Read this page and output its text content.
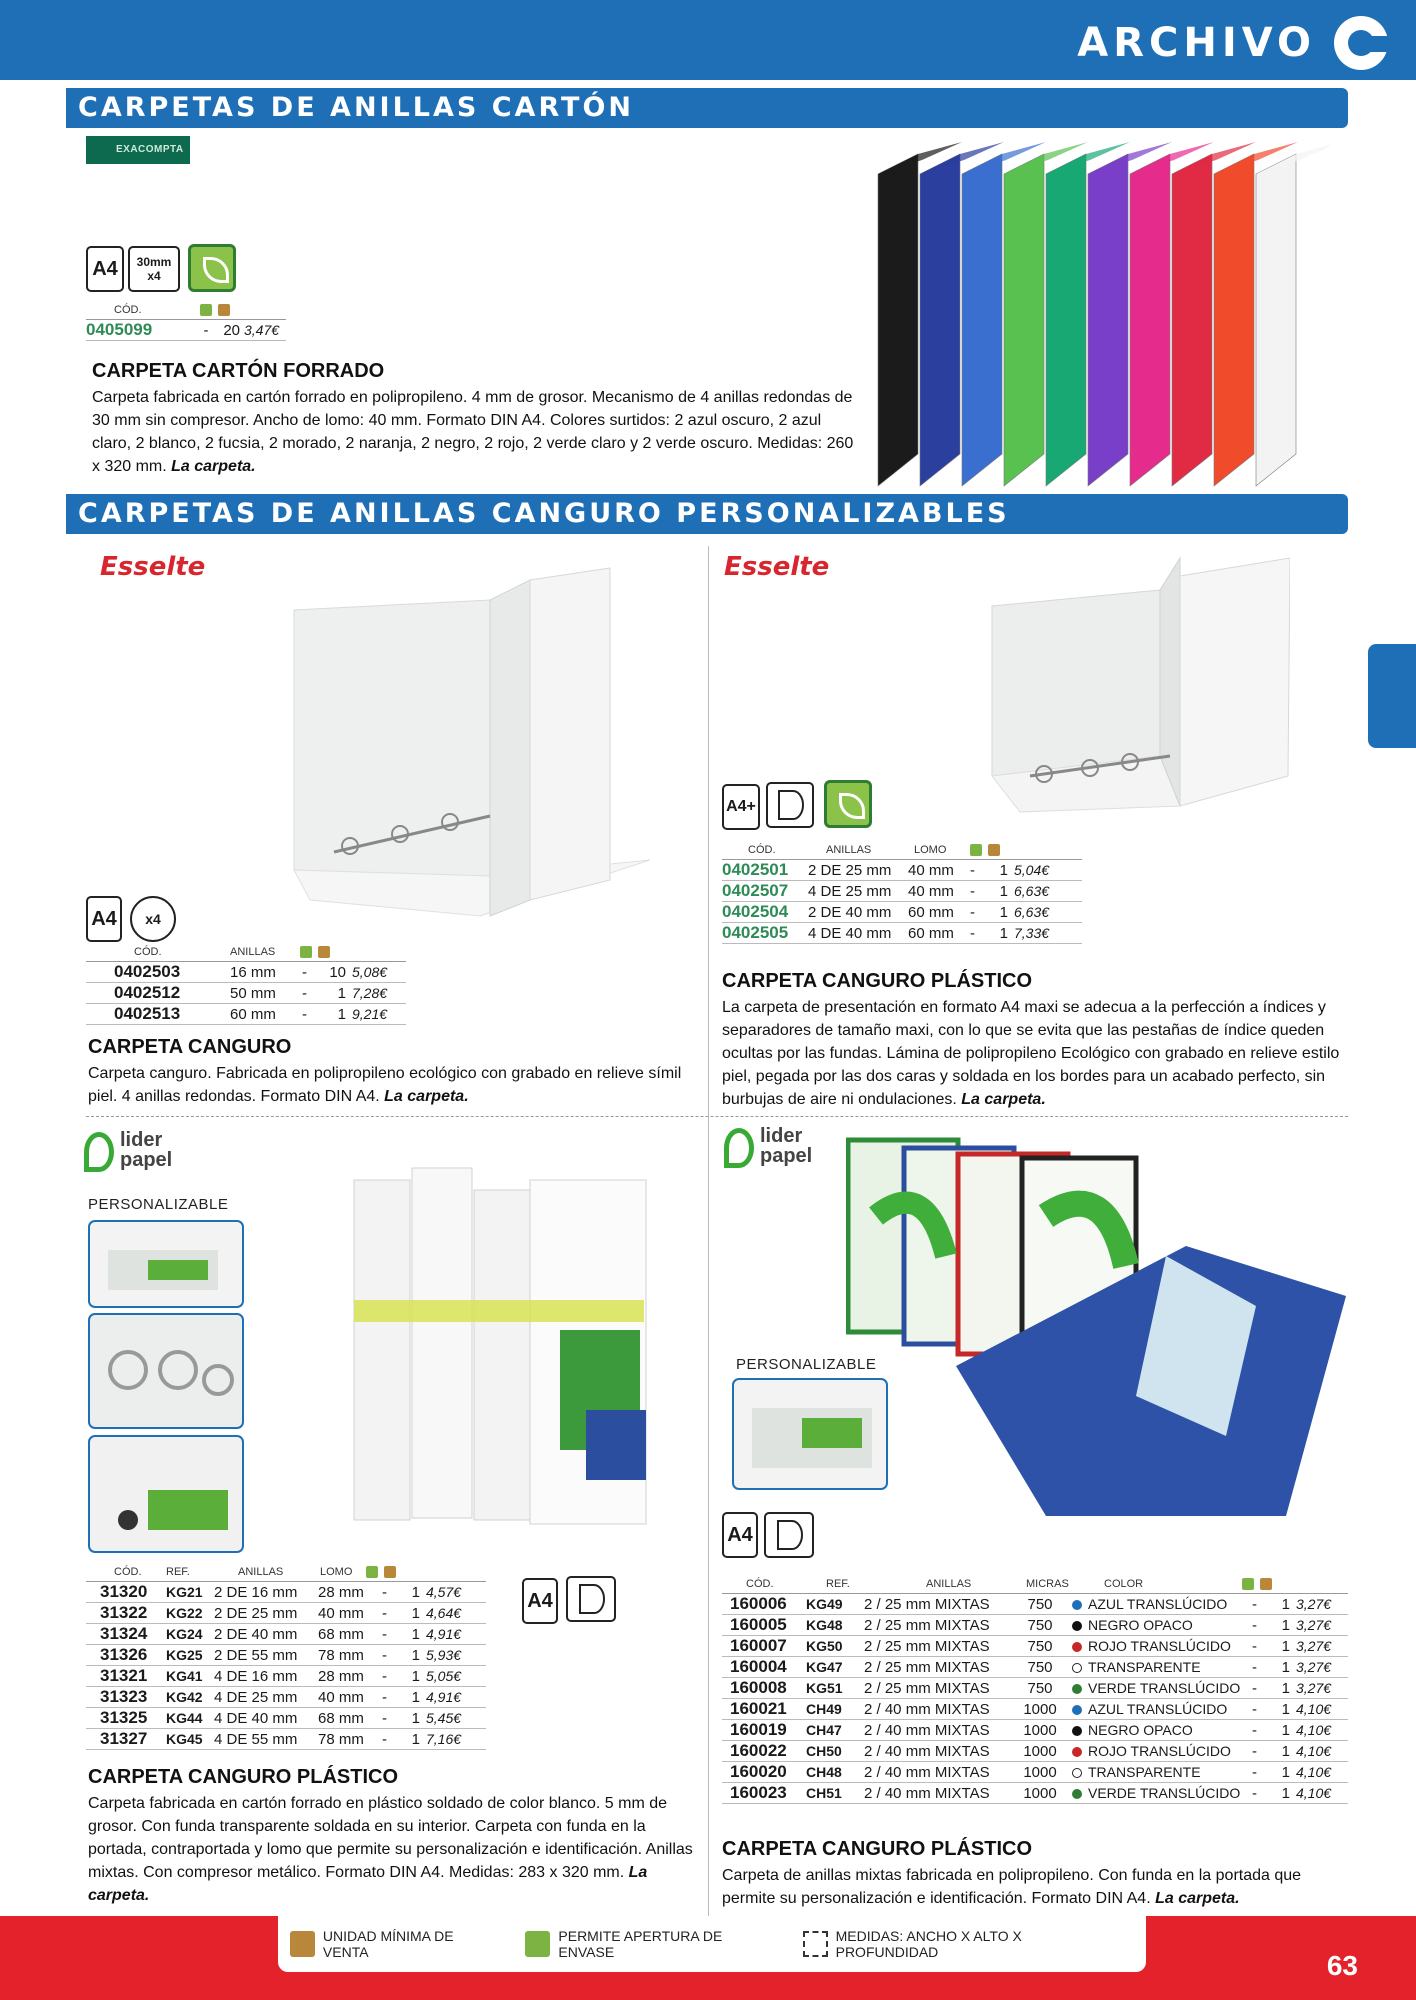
ARCHIVO
CARPETAS DE ANILLAS CARTÓN
EXACOMPTA
A4	30mm
x4
CÓD.
0405099	- 20 3,47€
CARPETA CARTÓN FORRADO
Carpeta fabricada en cartón forrado en polipropileno. 4 mm de grosor. Mecanismo de 4 anillas redondas de 30 mm sin compresor. Ancho de lomo: 40 mm. Formato DIN A4. Colores surtidos: 2 azul oscuro, 2 azul claro, 2 blanco, 2 fucsia, 2 morado, 2 naranja, 2 negro, 2 rojo, 2 verde claro y 2 verde oscuro. Medidas: 260 x 320 mm. La carpeta.
CARPETAS DE ANILLAS CANGURO PERSONALIZABLES
Esselte
A4	x4
CÓD.	ANILLAS
0402503	16 mm	-	10 5,08€
0402512	50 mm	-	1 7,28€
0402513	60 mm	-	1 9,21€
CARPETA CANGURO
Carpeta canguro. Fabricada en polipropileno ecológico con grabado en relieve símil piel. 4 anillas redondas. Formato DIN A4. La carpeta.
Esselte
A4+
CÓD.	ANILLAS	LOMO
0402501	2 DE 25 mm	40 mm	-	1 5,04€
0402507	4 DE 25 mm	40 mm	-	1 6,63€
0402504	2 DE 40 mm	60 mm	-	1 6,63€
0402505	4 DE 40 mm	60 mm	-	1 7,33€
CARPETA CANGURO PLÁSTICO
La carpeta de presentación en formato A4 maxi se adecua a la perfección a índices y separadores de tamaño maxi, con lo que se evita que las pestañas de índice queden ocultas por las fundas. Lámina de polipropileno Ecológico con grabado en relieve estilo piel, pegada por las dos caras y soldada en los bordes para un acabado perfecto, sin burbujas de aire ni ondulaciones. La carpeta.
lider papel
PERSONALIZABLE
CÓD.	REF.	ANILLAS	LOMO
31320	KG21 2 DE 16 mm	28 mm	-	1 4,57€
31322	KG22 2 DE 25 mm	40 mm	-	1 4,64€
31324	KG24 2 DE 40 mm	68 mm	-	1 4,91€
31326	KG25 2 DE 55 mm	78 mm	-	1 5,93€
31321	KG41 4 DE 16 mm	28 mm	-	1 5,05€
31323	KG42 4 DE 25 mm	40 mm	-	1 4,91€
31325	KG44 4 DE 40 mm	68 mm	-	1 5,45€
31327	KG45 4 DE 55 mm	78 mm	-	1 7,16€
A4
CARPETA CANGURO PLÁSTICO
Carpeta fabricada en cartón forrado en plástico soldado de color blanco. 5 mm de grosor. Con funda transparente soldada en su interior. Carpeta con funda en la portada, contraportada y lomo que permite su personalización e identificación. Anillas mixtas. Con compresor metálico. Formato DIN A4. Medidas: 283 x 320 mm. La carpeta.
lider papel
PERSONALIZABLE
A4
CÓD.	REF.	ANILLAS	MICRAS	COLOR
160006	KG49	2 / 25 mm MIXTAS	750	AZUL TRANSLÚCIDO	-	1 3,27€
160005	KG48	2 / 25 mm MIXTAS	750	NEGRO OPACO	-	1 3,27€
160007	KG50	2 / 25 mm MIXTAS	750	ROJO TRANSLÚCIDO	-	1 3,27€
160004	KG47	2 / 25 mm MIXTAS	750	TRANSPARENTE	-	1 3,27€
160008	KG51	2 / 25 mm MIXTAS	750	VERDE TRANSLÚCIDO -	1 3,27€
160021	CH49	2 / 40 mm MIXTAS	1000	AZUL TRANSLÚCIDO	-	1 4,10€
160019	CH47	2 / 40 mm MIXTAS	1000	NEGRO OPACO	-	1 4,10€
160022	CH50	2 / 40 mm MIXTAS	1000	ROJO TRANSLÚCIDO	-	1 4,10€
160020	CH48	2 / 40 mm MIXTAS	1000	TRANSPARENTE	-	1 4,10€
160023	CH51	2 / 40 mm MIXTAS	1000	VERDE TRANSLÚCIDO -	1 4,10€
CARPETA CANGURO PLÁSTICO
Carpeta de anillas mixtas fabricada en polipropileno. Con funda en la portada que permite su personalización e identificación. Formato DIN A4. La carpeta.
UNIDAD MÍNIMA DE VENTA
PERMITE APERTURA DE ENVASE
MEDIDAS: ANCHO X ALTO X PROFUNDIDAD	63
